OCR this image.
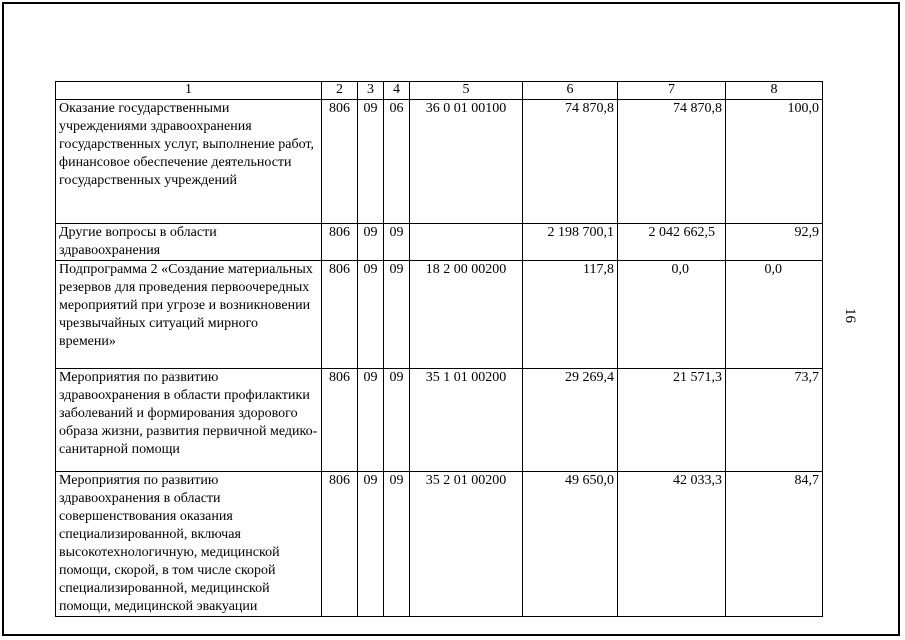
1	2	3	4	5	6	7	8
Оказание государственными учреждениями здравоохранения государственных услуг, выполнение работ, финансовое обеспечение деятельности государственных учреждений	806	09	06	36 0 01 00100	74 870,8	74 870,8	100,0
Другие вопросы в области здравоохранения	806	09	09		2 198 700,1	2 042 662,5	92,9
Подпрограмма 2 «Создание материальных резервов для проведения первоочередных мероприятий при угрозе и возникновении чрезвычайных ситуаций мирного времени»	806	09	09	18 2 00 00200	117,8	0,0	0,0
Мероприятия по развитию здравоохранения в области профилактики заболеваний и формирования здорового образа жизни, развития первичной медико-санитарной помощи	806	09	09	35 1 01 00200	29 269,4	21 571,3	73,7
Мероприятия по развитию здравоохранения в области совершенствования оказания специализированной, включая высокотехнологичную, медицинской помощи, скорой, в том числе скорой специализированной, медицинской помощи, медицинской эвакуации	806	09	09	35 2 01 00200	49 650,0	42 033,3	84,7
16
